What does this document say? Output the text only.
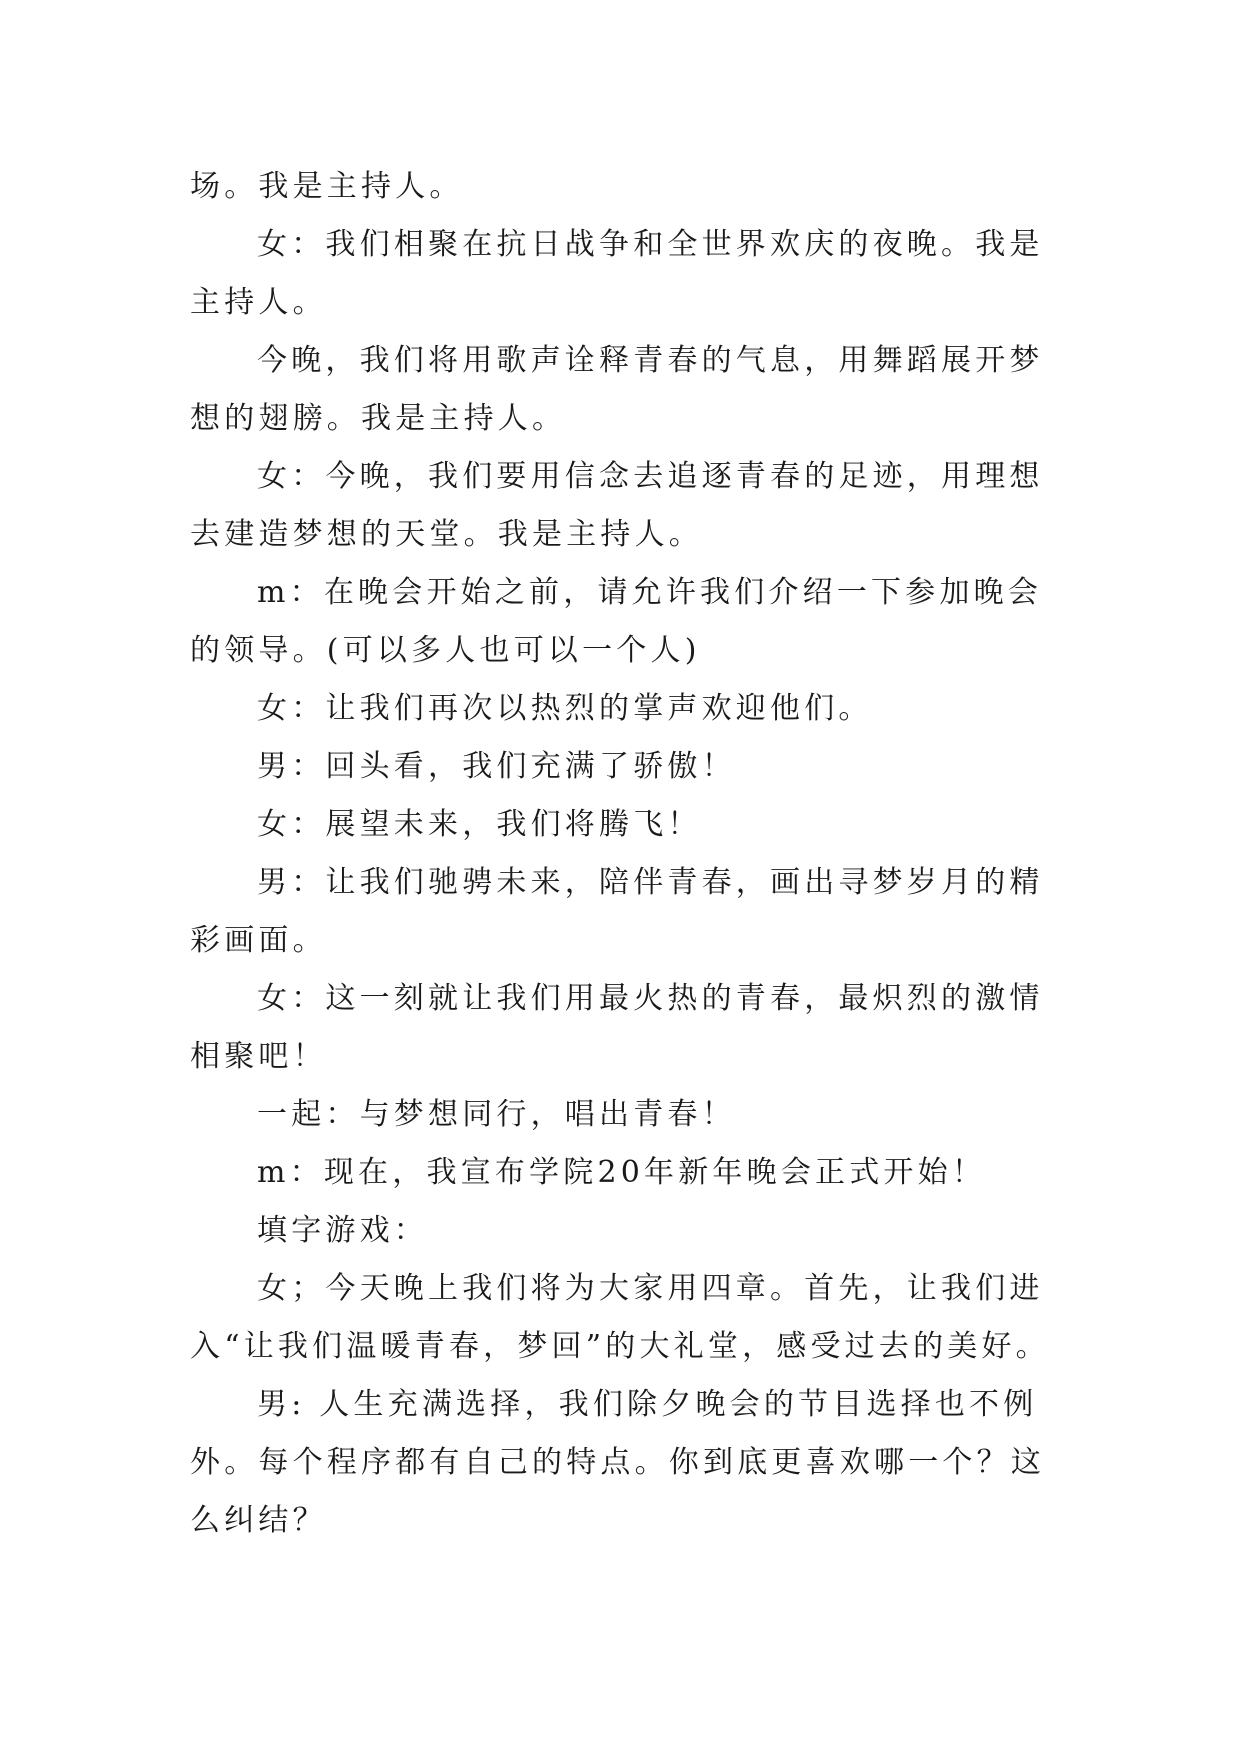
场。我是主持人。

女：我们相聚在抗日战争和全世界欢庆的夜晚。我是主持人。

今晚，我们将用歌声诠释青春的气息，用舞蹈展开梦想的翅膀。我是主持人。

女：今晚，我们要用信念去追逐青春的足迹，用理想去建造梦想的天堂。我是主持人。

m：在晚会开始之前，请允许我们介绍一下参加晚会的领导。(可以多人也可以一个人)

女：让我们再次以热烈的掌声欢迎他们。

男：回头看，我们充满了骄傲！

女：展望未来，我们将腾飞！

男：让我们驰骋未来，陪伴青春，画出寻梦岁月的精彩画面。

女：这一刻就让我们用最火热的青春，最炽烈的激情相聚吧！

一起：与梦想同行，唱出青春！

m：现在，我宣布学院20年新年晚会正式开始！

填字游戏：

女；今天晚上我们将为大家用四章。首先，让我们进入“让我们温暖青春，梦回”的大礼堂，感受过去的美好。

男: 人生充满选择，我们除夕晚会的节目选择也不例外。每个程序都有自己的特点。你到底更喜欢哪一个？这么纠结？
